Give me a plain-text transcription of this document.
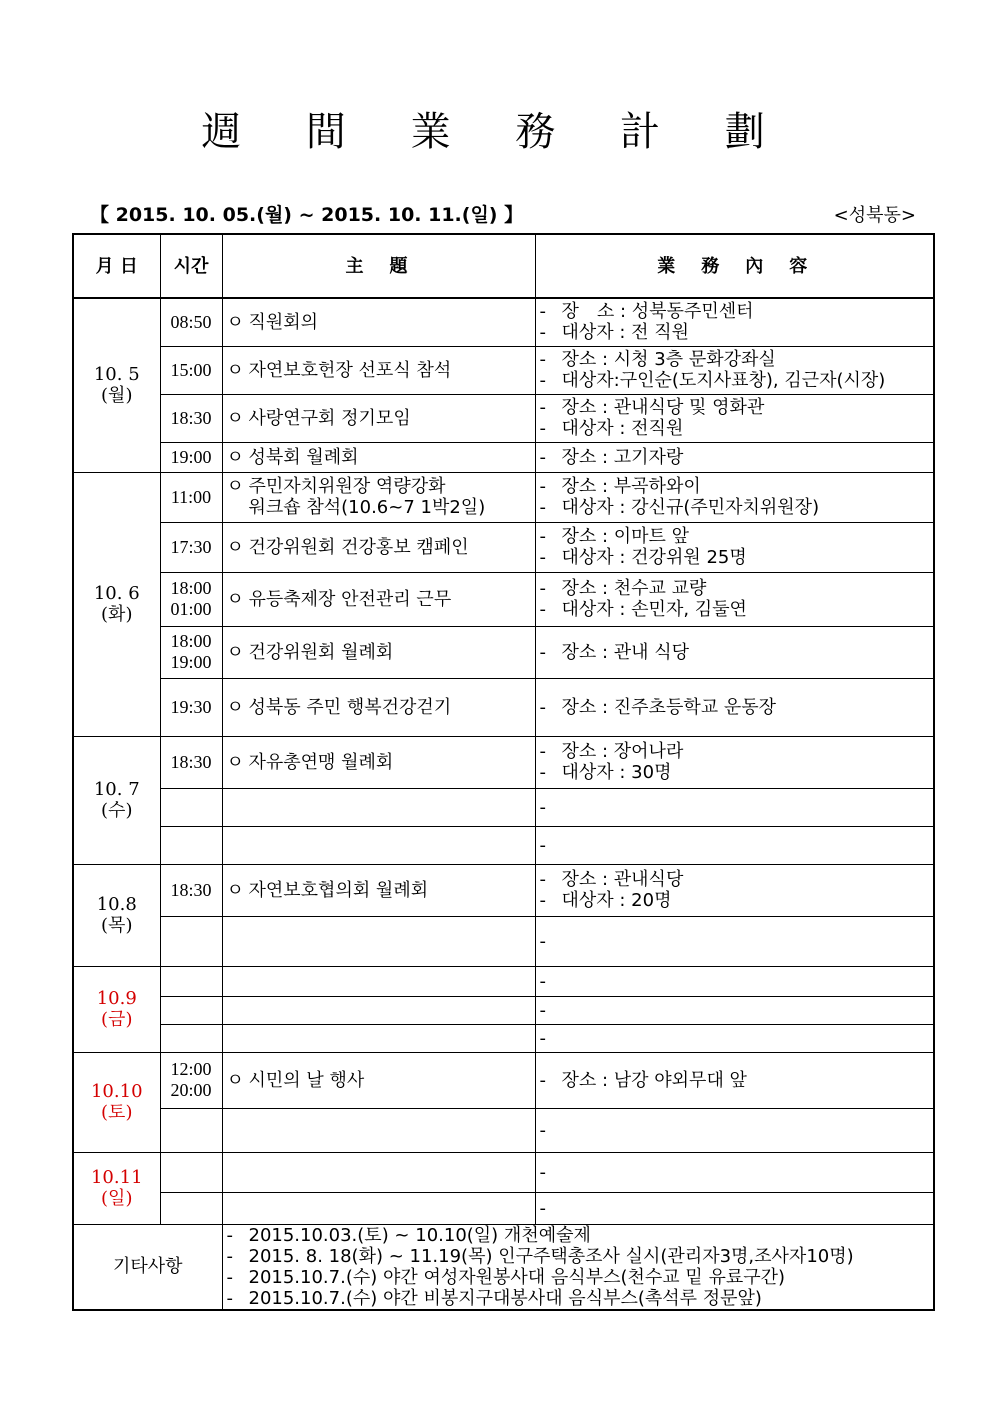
週 間 業 務 計 劃
【 2015. 10. 05.(월) ~ 2015. 10. 11.(일) 】	<성북동>
月 日	시간	主　題	業　務　內　容

10. 5
(월)	08:50	ㅇ 직원회의	- 장　소 : 성북동주민센터
- 대상자 : 전 직원

	15:00	ㅇ 자연보호헌장 선포식 참석	- 장소 : 시청 3층 문화강좌실
- 대상자:구인순(도지사표창), 김근자(시장)

	18:30	ㅇ 사랑연구회 정기모임	- 장소 : 관내식당 및 영화관
- 대상자 : 전직원

	19:00	ㅇ 성북회 월례회	- 장소 : 고기자랑

10. 6
(화)	11:00	ㅇ 주민자치위원장 역량강화
워크숍 참석(10.6~7 1박2일)	- 장소 : 부곡하와이
- 대상자 : 강신규(주민자치위원장)

	17:30	ㅇ 건강위원회 건강홍보 캠페인	- 장소 : 이마트 앞
- 대상자 : 건강위원 25명

	18:00
01:00	ㅇ 유등축제장 안전관리 근무	- 장소 : 천수교 교량
- 대상자 : 손민자, 김둘연

	18:00
19:00	ㅇ 건강위원회 월례회	- 장소 : 관내 식당

	19:30	ㅇ 성북동 주민 행복건강걷기	- 장소 : 진주초등학교 운동장

10. 7
(수)	18:30	ㅇ 자유총연맹 월례회	- 장소 : 장어나라
- 대상자 : 30명

			-

			-

10.8
(목)	18:30	ㅇ 자연보호협의회 월례회	- 장소 : 관내식당
- 대상자 : 20명

			-

10.9
(금)			-

			-

			-

10.10
(토)	12:00
20:00	ㅇ 시민의 날 행사	- 장소 : 남강 야외무대 앞

			-

10.11
(일)			-

			-

기타사항		- 2015.10.03.(토) ~ 10.10(일) 개천예술제
- 2015. 8. 18(화) ~ 11.19(목) 인구주택총조사 실시(관리자3명,조사자10명)
- 2015.10.7.(수) 야간 여성자원봉사대 음식부스(천수교 밑 유료구간)
- 2015.10.7.(수) 야간 비봉지구대봉사대 음식부스(촉석루 정문앞)	
